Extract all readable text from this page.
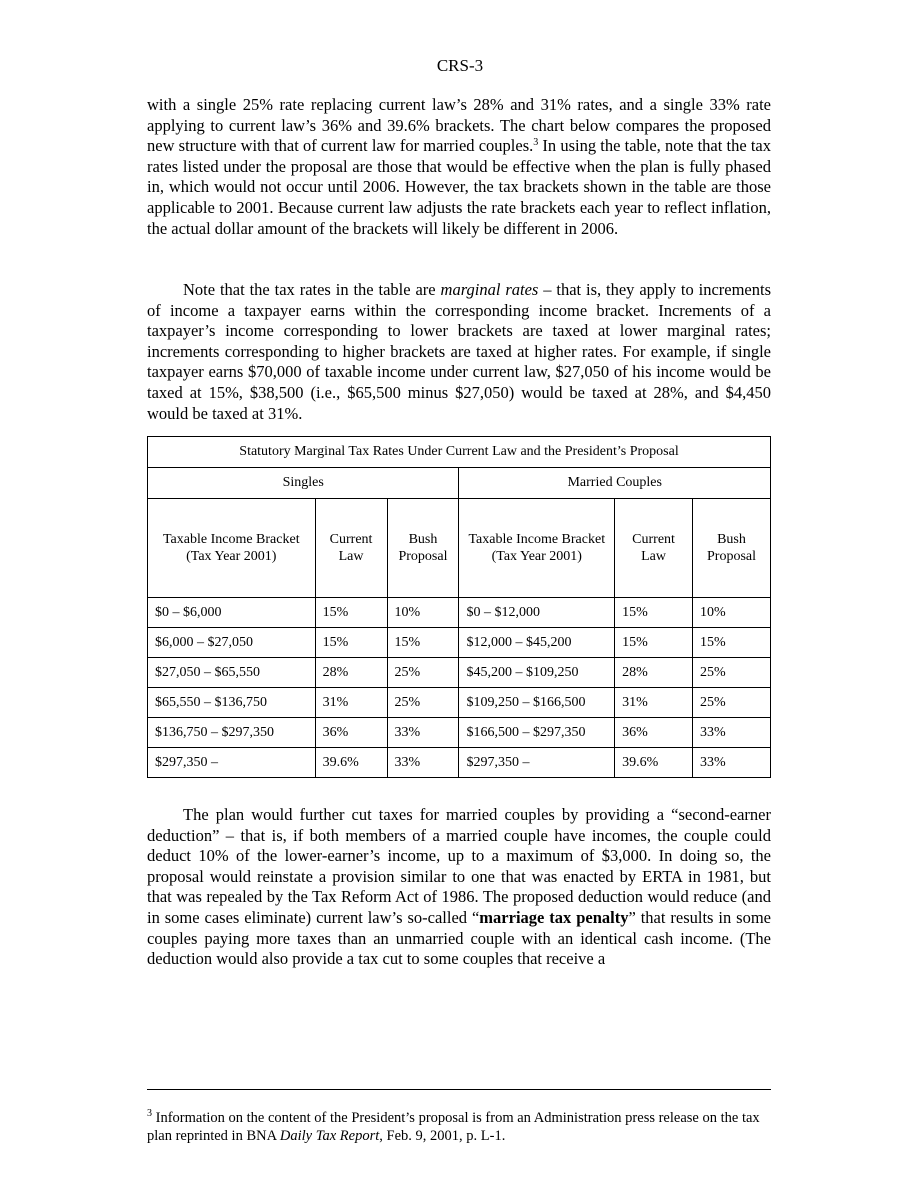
CRS-3

with a single 25% rate replacing current law’s 28% and 31% rates, and a single 33% rate applying to current law’s 36% and 39.6% brackets. The chart below compares the proposed new structure with that of current law for married couples.$^3$ In using the table, note that the tax rates listed under the proposal are those that would be effective when the plan is fully phased in, which would not occur until 2006. However, the tax brackets shown in the table are those applicable to 2001. Because current law adjusts the rate brackets each year to reflect inflation, the actual dollar amount of the brackets will likely be different in 2006.

Note that the tax rates in the table are marginal rates – that is, they apply to increments of income a taxpayer earns within the corresponding income bracket. Increments of a taxpayer’s income corresponding to lower brackets are taxed at lower marginal rates; increments corresponding to higher brackets are taxed at higher rates. For example, if single taxpayer earns $70,000 of taxable income under current law, $27,050 of his income would be taxed at 15%, $38,500 (i.e., $65,500 minus $27,050) would be taxed at 28%, and $4,450 would be taxed at 31%.

Statutory Marginal Tax Rates Under Current Law and the President’s Proposal					
Singles			Married Couples		
Taxable Income Bracket (Tax Year 2001)	Current Law	Bush Proposal	Taxable Income Bracket (Tax Year 2001)	Current Law	Bush Proposal
$0 – $6,000	15%	10%	$0 – $12,000	15%	10%
$6,000 – $27,050	15%	15%	$12,000 – $45,200	15%	15%
$27,050 – $65,550	28%	25%	$45,200 – $109,250	28%	25%
$65,550 – $136,750	31%	25%	$109,250 – $166,500	31%	25%
$136,750 – $297,350	36%	33%	$166,500 – $297,350	36%	33%
$297,350 –	39.6%	33%	$297,350 –	39.6%	33%

The plan would further cut taxes for married couples by providing a “second-earner deduction” – that is, if both members of a married couple have incomes, the couple could deduct 10% of the lower-earner’s income, up to a maximum of $3,000. In doing so, the proposal would reinstate a provision similar to one that was enacted by ERTA in 1981, but that was repealed by the Tax Reform Act of 1986. The proposed deduction would reduce (and in some cases eliminate) current law’s so-called “marriage tax penalty” that results in some couples paying more taxes than an unmarried couple with an identical cash income. (The deduction would also provide a tax cut to some couples that receive a

$^3$ Information on the content of the President’s proposal is from an Administration press release on the tax plan reprinted in BNA Daily Tax Report, Feb. 9, 2001, p. L-1.
